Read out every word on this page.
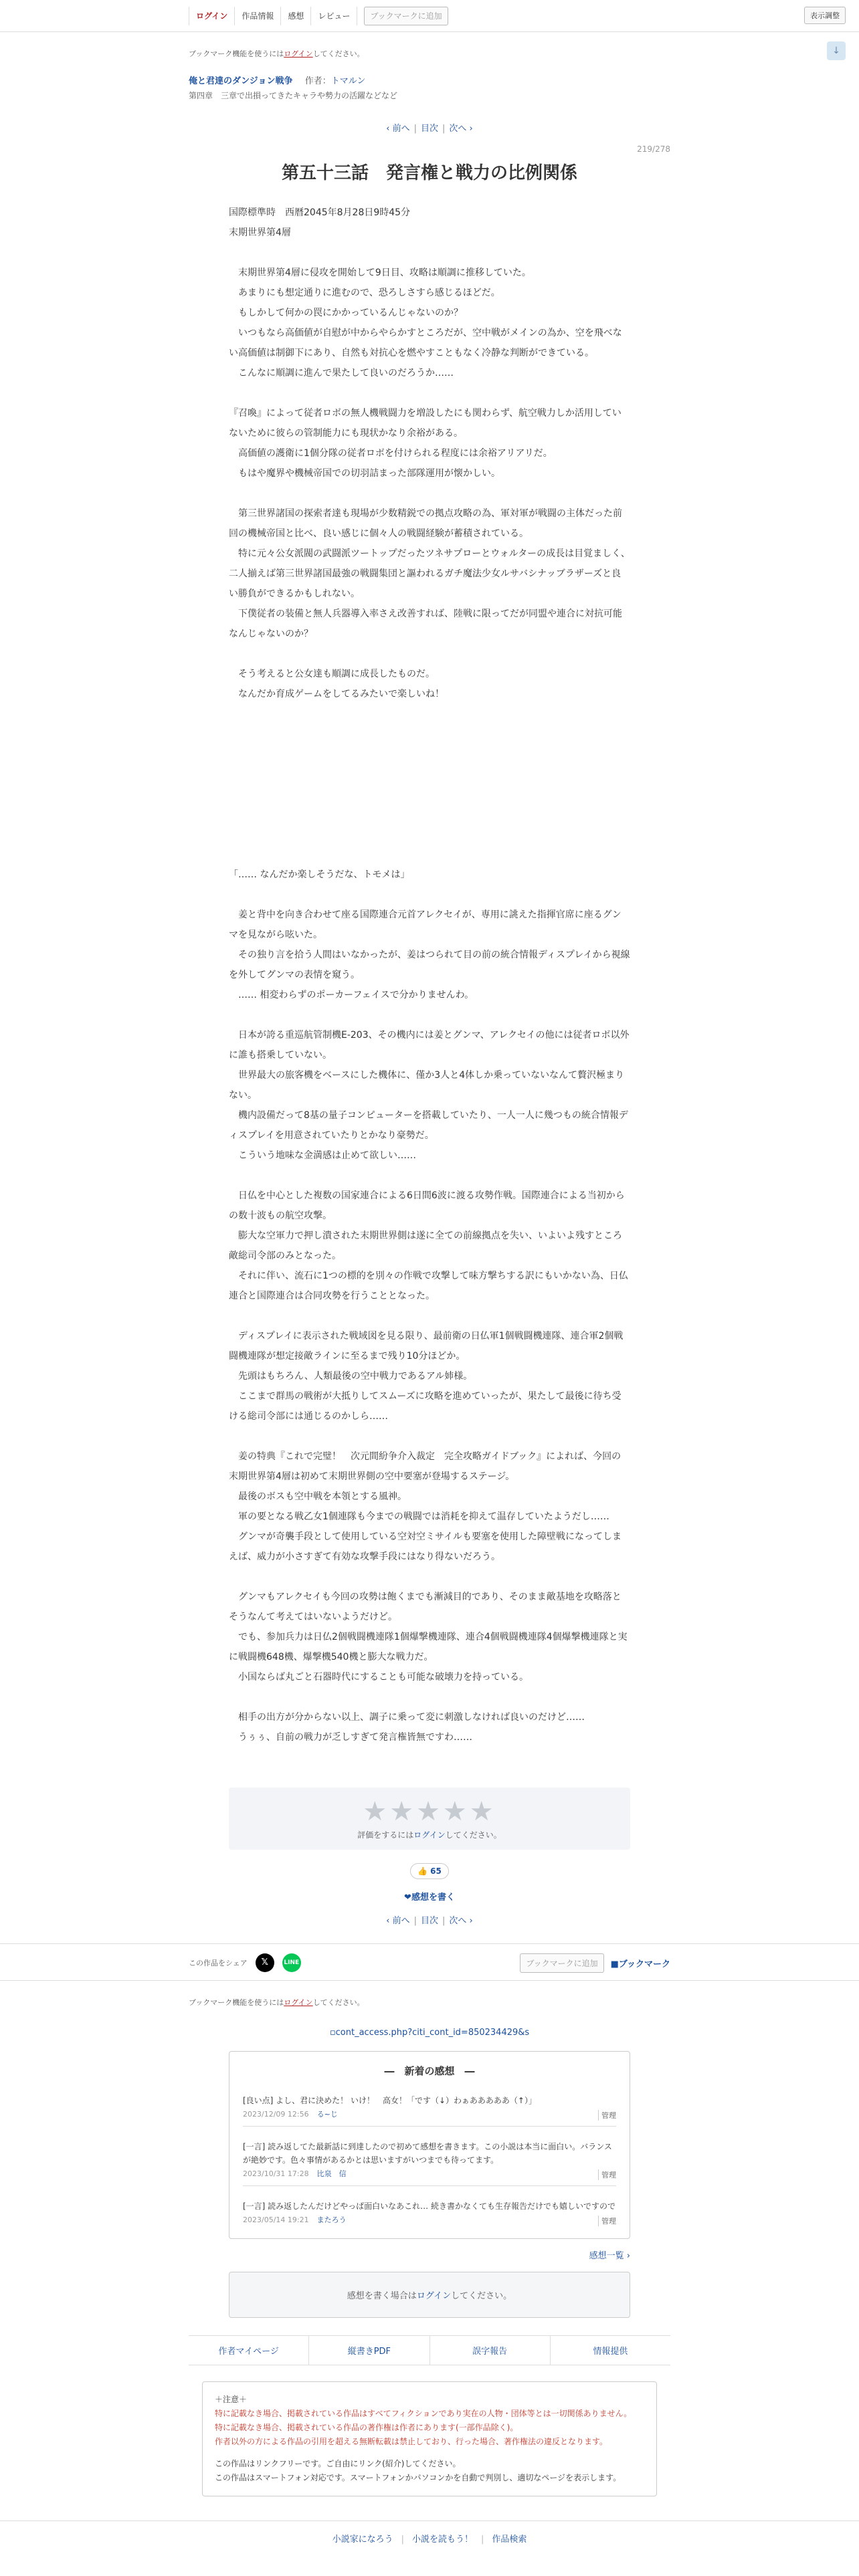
ログイン	作品情報	感想	レビュー	ブックマークに追加	表示調整
↓
ブックマーク機能を使うにはログインしてください。
俺と君達のダンジョン戦争 作者：トマルン
第四章　三章で出損ってきたキャラや勢力の活躍などなど
‹ 前へ | 目次 | 次へ ›
219/278
第五十三話　発言権と戦力の比例関係

国際標準時　西暦2045年8月28日9時45分

末期世界第4層

　末期世界第4層に侵攻を開始して9日目、攻略は順調に推移していた。

　あまりにも想定通りに進むので、恐ろしさすら感じるほどだ。

　もしかして何かの罠にかかっているんじゃないのか？

　いつもなら高価値が自慰が中からやらかすところだが、空中戦がメインの為か、空を飛べない高価値は制御下にあり、自然も対抗心を燃やすこともなく冷静な判断ができている。

　こんなに順調に進んで果たして良いのだろうか……

『召喚』によって従者ロボの無人機戦闘力を増設したにも関わらず、航空戦力しか活用していないために彼らの管制能力にも現状かなり余裕がある。

　高価値の護衛に1個分隊の従者ロボを付けられる程度には余裕アリアリだ。

　もはや魔界や機械帝国での切羽詰まった部隊運用が懐かしい。

　第三世界諸国の探索者達も現場が少数精鋭での拠点攻略の為、軍対軍が戦闘の主体だった前回の機械帝国と比べ、良い感じに個々人の戦闘経験が蓄積されている。

　特に元々公女派閥の武闘派ツートップだったツネサプローとウォルターの成長は目覚ましく、二人揃えば第三世界諸国最強の戦闘集団と謳われるガチ魔法少女ルサバシナッブラザーズと良い勝負ができるかもしれない。

　下僕従者の装備と無人兵器導入率さえ改善すれば、陸戦に限ってだが同盟や連合に対抗可能なんじゃないのか？

　そう考えると公女達も順調に成長したものだ。

　なんだか育成ゲームをしてるみたいで楽しいね！

「…… なんだか楽しそうだな、トモメは」

　姜と背中を向き合わせて座る国際連合元首アレクセイが、専用に誂えた指揮官席に座るグンマを見ながら呟いた。

　その独り言を拾う人間はいなかったが、姜はつられて目の前の統合情報ディスプレイから視線を外してグンマの表情を窺う。

　…… 相変わらずのポーカーフェイスで分かりませんわ。

　日本が誇る重巡航管制機E-203、その機内には姜とグンマ、アレクセイの他には従者ロボ以外に誰も搭乗していない。

　世界最大の旅客機をベースにした機体に、僅か3人と4体しか乗っていないなんて贅沢極まりない。

　機内設備だって8基の量子コンピューターを搭載していたり、一人一人に幾つもの統合情報ディスプレイを用意されていたりとかなり豪勢だ。

　こういう地味な金満感は止めて欲しい……

　日仏を中心とした複数の国家連合による6日間6波に渡る攻勢作戦。国際連合による当初からの数十波もの航空攻撃。

　膨大な空軍力で押し潰された末期世界側は遂に全ての前線拠点を失い、いよいよ残すところ敵総司令部のみとなった。

　それに伴い、流石に1つの標的を別々の作戦で攻撃して味方撃ちする訳にもいかない為、日仏連合と国際連合は合同攻勢を行うこととなった。

　ディスプレイに表示された戦域図を見る限り、最前衛の日仏軍1個戦闘機連隊、連合軍2個戦闘機連隊が想定接敵ラインに至るまで残り10分ほどか。

　先頭はもちろん、人類最後の空中戦力であるアル姉様。

　ここまで群馬の戦術が大抵りしてスムーズに攻略を進めていったが、果たして最後に待ち受ける総司令部には通じるのかしら……

　姜の特典『これで完璧！　次元間紛争介入裁定　完全攻略ガイドブック』によれば、今回の末期世界第4層は初めて末期世界側の空中要塞が登場するステージ。

　最後のボスも空中戦を本領とする風神。

　軍の要となる戦乙女1個連隊も今までの戦闘では消耗を抑えて温存していたようだし……

　グンマが奇襲手段として使用している空対空ミサイルも要塞を使用した障壁戦になってしまえば、威力が小さすぎて有効な攻撃手段にはなり得ないだろう。

　グンマもアレクセイも今回の攻勢は飽くまでも漸減目的であり、そのまま敵基地を攻略落とそうなんて考えてはいないようだけど。

　でも、参加兵力は日仏2個戦闘機連隊1個爆撃機連隊、連合4個戦闘機連隊4個爆撃機連隊と実に戦闘機648機、爆撃機540機と膨大な戦力だ。

　小国ならば丸ごと石器時代にすることも可能な破壊力を持っている。

　相手の出方が分からない以上、調子に乗って変に刺激しなければ良いのだけど……

　うぅぅ、自前の戦力が乏しすぎて発言権皆無ですわ……

★★★★★
評価をするにはログインしてください。
👍 65
❤感想を書く
‹ 前へ | 目次 | 次へ ›
この作品をシェア	𝕏	LINE	ブックマークに追加	■ブックマーク
ブックマーク機能を使うにはログインしてください。
▫cont_access.php?citi_cont_id=850234429&s
―　新着の感想　―
[良い点] よし、君に決めた！ いけ！　高女！「です（↓）わぁあああああ（↑）」
2023/12/09 12:56 る~じ	管理
[一言] 読み返してた最新話に到達したので初めて感想を書きます。この小説は本当に面白い。バランスが絶妙です。色々事情があるかとは思いますがいつまでも待ってます。
2023/10/31 17:28 比泉　信	管理
[一言] 読み返したんだけどやっぱ面白いなあこれ… 続き書かなくても生存報告だけでも嬉しいですので
2023/05/14 19:21 またろう	管理
感想一覧 ›
感想を書く場合はログインしてください。
作者マイページ	縦書きPDF	誤字報告	情報提供
＋注意＋
特に記載なき場合、掲載されている作品はすべてフィクションであり実在の人物・団体等とは一切関係ありません。
特に記載なき場合、掲載されている作品の著作権は作者にあります(一部作品除く)。
作者以外の方による作品の引用を超える無断転載は禁止しており、行った場合、著作権法の違反となります。
この作品はリンクフリーです。ご自由にリンク(紹介)してください。
この作品はスマートフォン対応です。スマートフォンかパソコンかを自動で判別し、適切なページを表示します。
小説家になろう | 小説を読もう！ | 作品検索
